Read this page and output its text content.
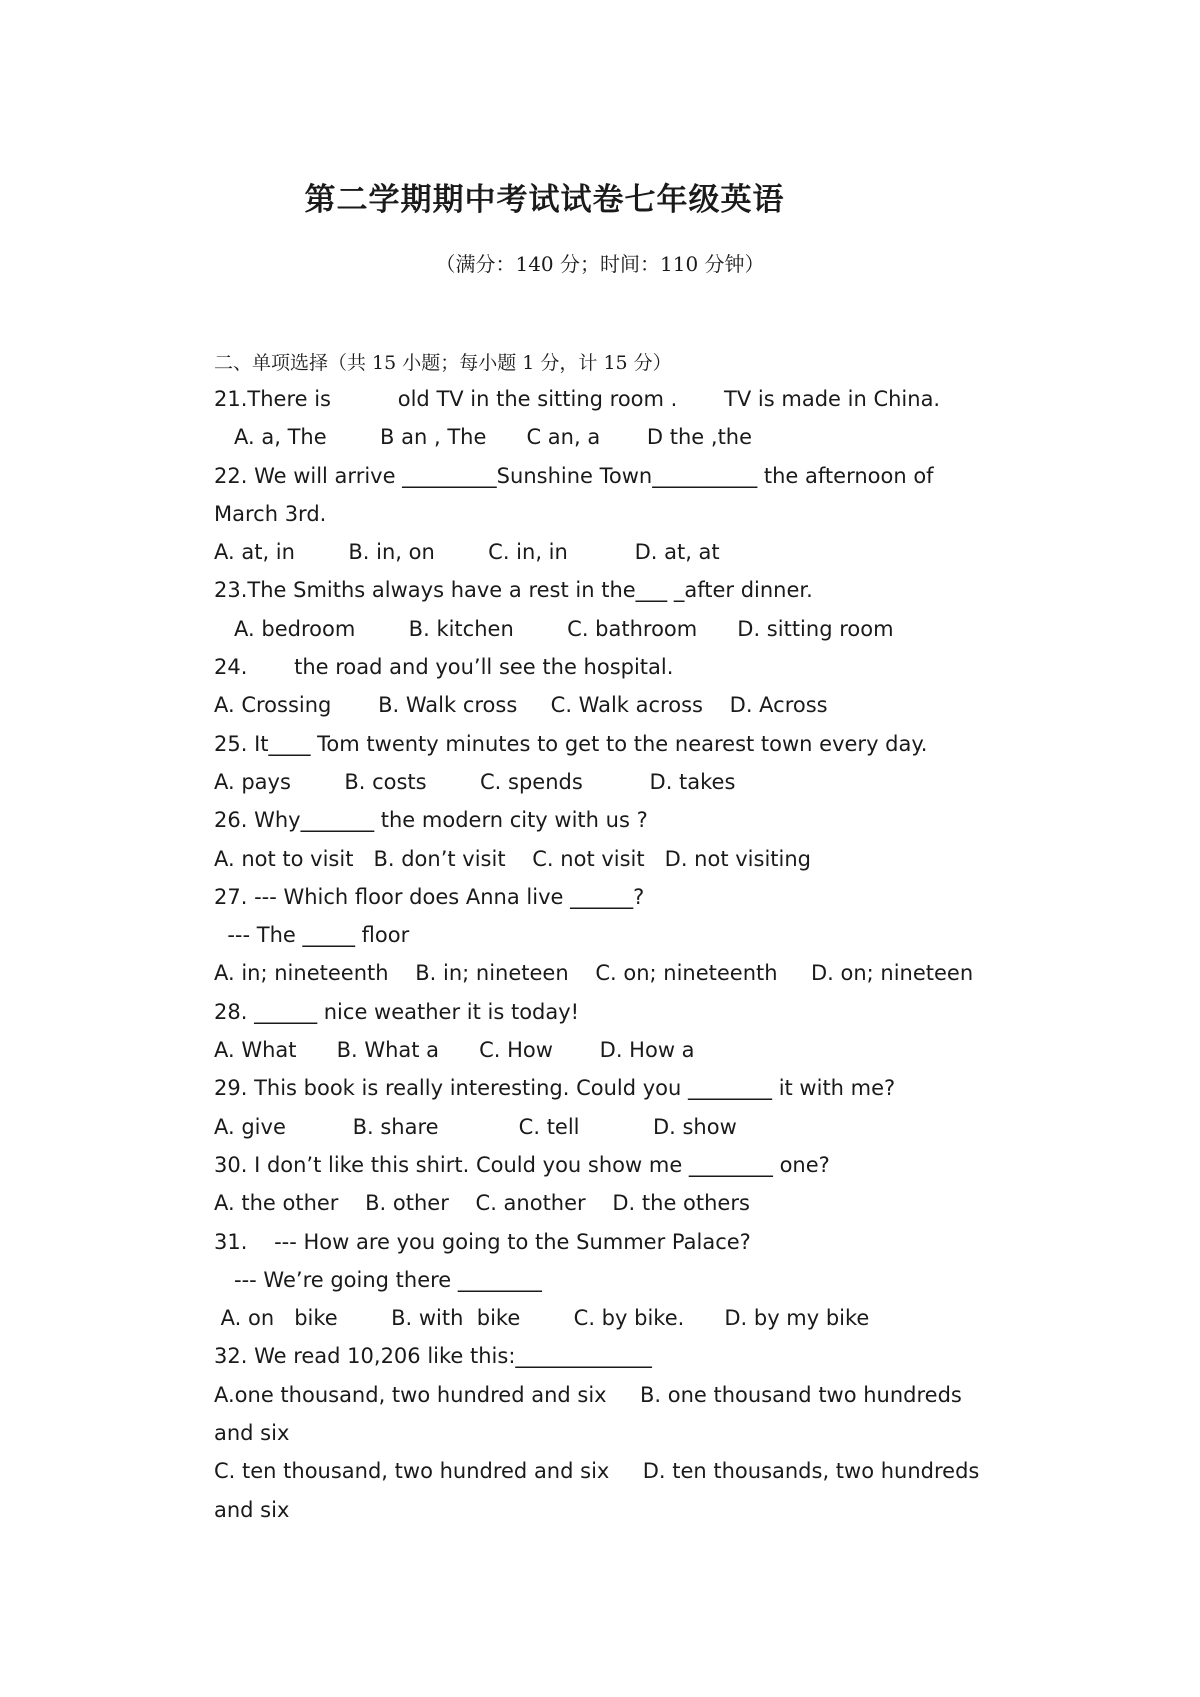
第二学期期中考试试卷七年级英语
（满分：140 分；时间：110 分钟）
二、单项选择（共 15 小题；每小题 1 分，计 15 分）
21.There is          old TV in the sitting room .       TV is made in China.
A. a, The        B an , The      C an, a       D the ,the
22. We will arrive _________Sunshine Town__________ the afternoon of
March 3rd.
A. at, in        B. in, on        C. in, in          D. at, at
23.The Smiths always have a rest in the___ _after dinner.
A. bedroom        B. kitchen        C. bathroom      D. sitting room
24.       the road and you’ll see the hospital.
A. Crossing       B. Walk cross     C. Walk across    D. Across
25. It____ Tom twenty minutes to get to the nearest town every day.
A. pays        B. costs        C. spends          D. takes
26. Why_______ the modern city with us ?
A. not to visit   B. don’t visit    C. not visit   D. not visiting
27. --- Which floor does Anna live ______?
--- The _____ floor
A. in; nineteenth    B. in; nineteen    C. on; nineteenth     D. on; nineteen
28. ______ nice weather it is today!
A. What      B. What a      C. How       D. How a
29. This book is really interesting. Could you ________ it with me?
A. give          B. share            C. tell           D. show
30. I don’t like this shirt. Could you show me ________ one?
A. the other    B. other    C. another    D. the others
31.    --- How are you going to the Summer Palace?
--- We’re going there ________
A. on   bike        B. with  bike        C. by bike.      D. by my bike
32. We read 10,206 like this:_____________
A.one thousand, two hundred and six     B. one thousand two hundreds
and six
C. ten thousand, two hundred and six     D. ten thousands, two hundreds
and six
